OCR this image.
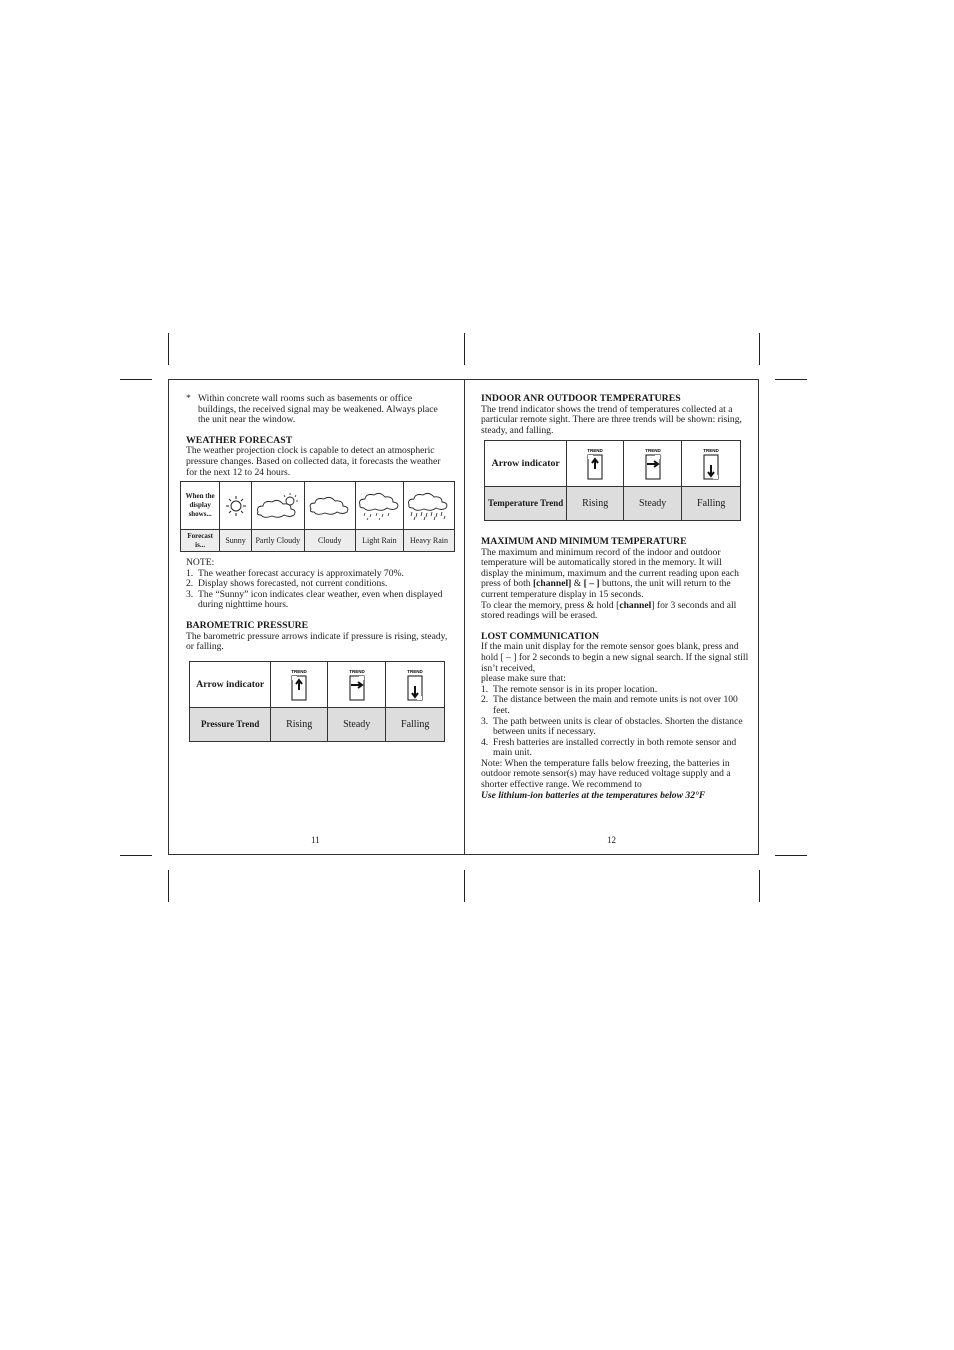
* Within concrete wall rooms such as basements or office buildings, the received signal may be weakened. Always place the unit near the window.

WEATHER FORECAST

The weather projection clock is capable to detect an atmospheric pressure changes. Based on collected data, it forecasts the weather for the next 12 to 24 hours.

When the display shows...	

Forecast is...	Sunny	Partly Cloudy	Cloudy	Light Rain	Heavy Rain

NOTE:

1. The weather forecast accuracy is approximately 70%.

2. Display shows forecasted, not current conditions.

3. The “Sunny” icon indicates clear weather, even when displayed during nighttime hours.

BAROMETRIC PRESSURE

The barometric pressure arrows indicate if pressure is rising, steady, or falling.

Arrow indicator	TREND	TREND	TREND

Pressure Trend	Rising	Steady	Falling
11

INDOOR ANR OUTDOOR TEMPERATURES

The trend indicator shows the trend of temperatures collected at a particular remote sight. There are three trends will be shown: rising, steady, and falling.

Arrow indicator	TREND	TREND	TREND

Temperature Trend	Rising	Steady	Falling

MAXIMUM AND MINIMUM TEMPERATURE

The maximum and minimum record of the indoor and outdoor temperature will be automatically stored in the memory. It will display the minimum, maximum and the current reading upon each press of both [channel] & [ – ] buttons, the unit will return to the current temperature display in 15 seconds.

To clear the memory, press & hold [channel] for 3 seconds and all stored readings will be erased.

LOST COMMUNICATION

If the main unit display for the remote sensor goes blank, press and hold [ – ] for 2 seconds to begin a new signal search. If the signal still isn’t received,

please make sure that:

1. The remote sensor is in its proper location.

2. The distance between the main and remote units is not over 100 feet.

3. The path between units is clear of obstacles. Shorten the distance between units if necessary.

4. Fresh batteries are installed correctly in both remote sensor and main unit.

Note: When the temperature falls below freezing, the batteries in outdoor remote sensor(s) may have reduced voltage supply and a shorter effective range. We recommend to

Use lithium-ion batteries at the temperatures below 32°F

12
